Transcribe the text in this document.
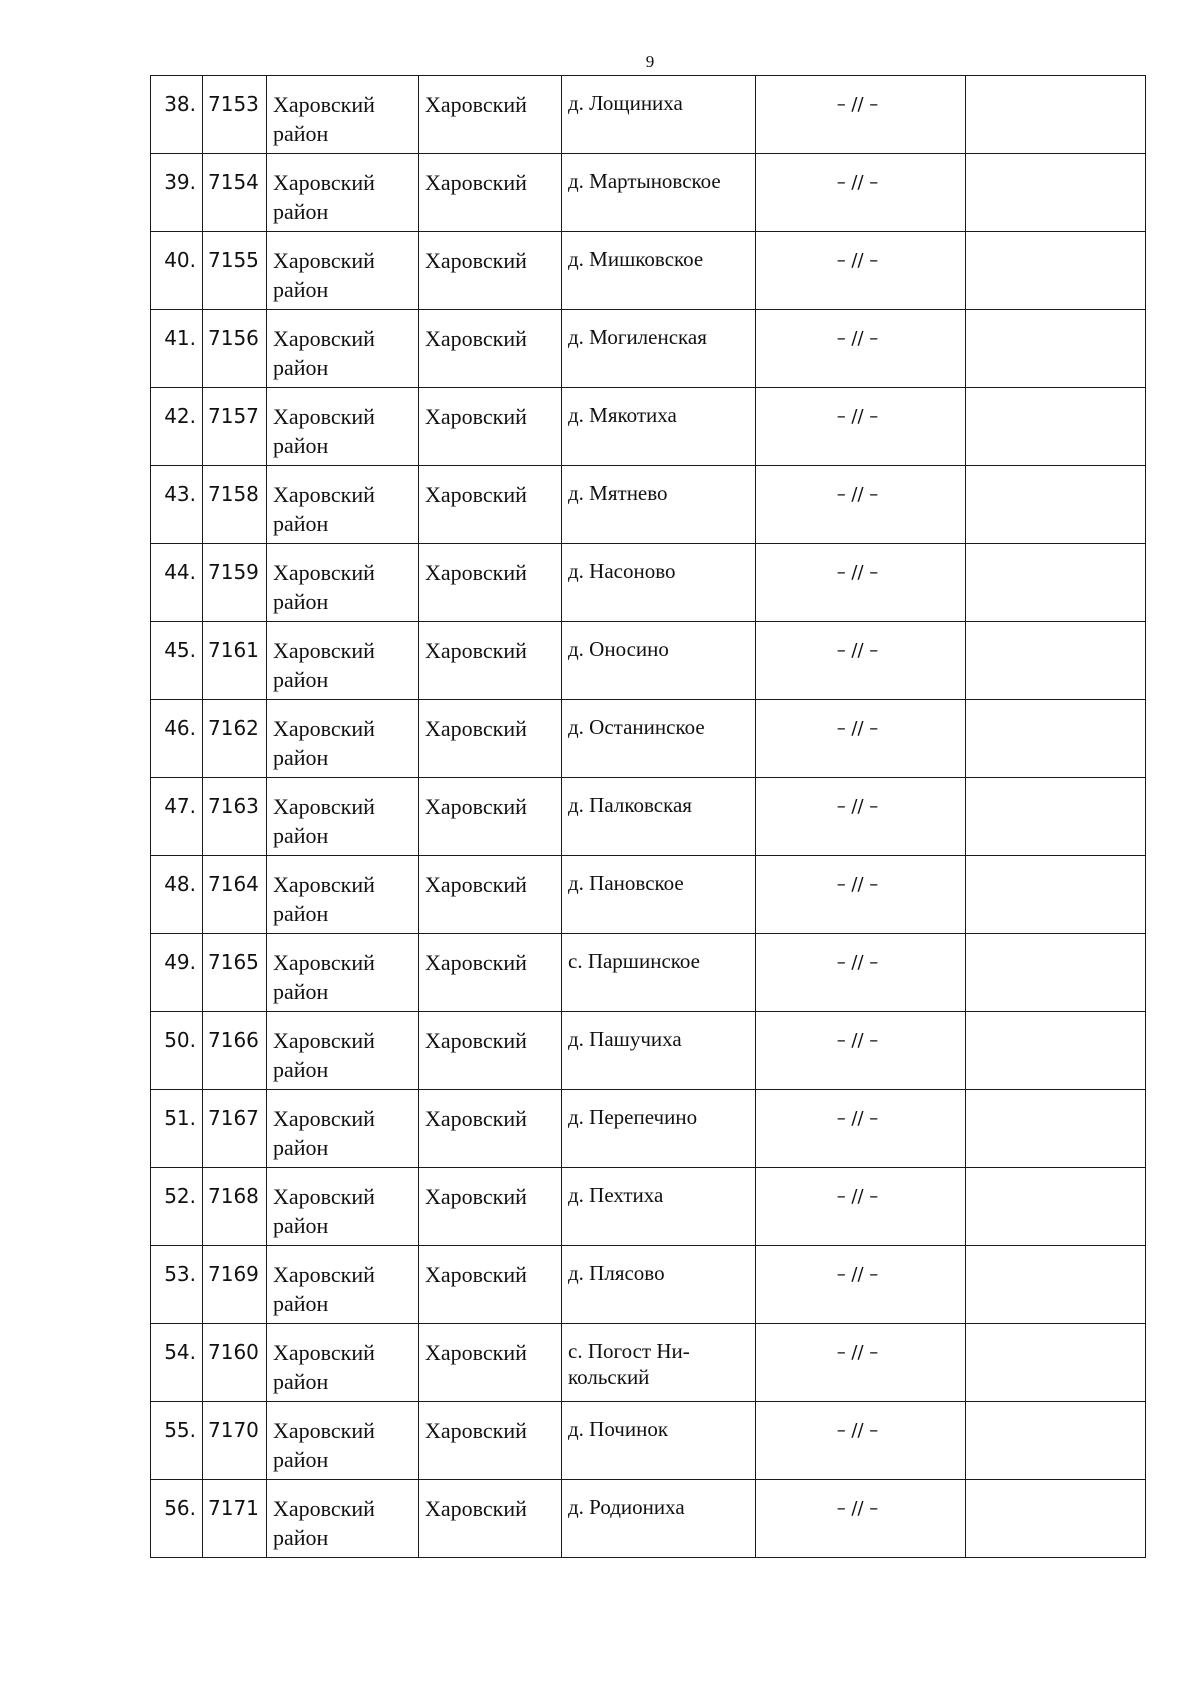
9
38.	7153	Харовский район	Харовский	д. Лощиниха	– // –	
39.	7154	Харовский район	Харовский	д. Мартыновское	– // –	
40.	7155	Харовский район	Харовский	д. Мишковское	– // –	
41.	7156	Харовский район	Харовский	д. Могиленская	– // –	
42.	7157	Харовский район	Харовский	д. Мякотиха	– // –	
43.	7158	Харовский район	Харовский	д. Мятнево	– // –	
44.	7159	Харовский район	Харовский	д. Насоново	– // –	
45.	7161	Харовский район	Харовский	д. Оносино	– // –	
46.	7162	Харовский район	Харовский	д. Останинское	– // –	
47.	7163	Харовский район	Харовский	д. Палковская	– // –	
48.	7164	Харовский район	Харовский	д. Пановское	– // –	
49.	7165	Харовский район	Харовский	с. Паршинское	– // –	
50.	7166	Харовский район	Харовский	д. Пашучиха	– // –	
51.	7167	Харовский район	Харовский	д. Перепечино	– // –	
52.	7168	Харовский район	Харовский	д. Пехтиха	– // –	
53.	7169	Харовский район	Харовский	д. Плясово	– // –	
54.	7160	Харовский район	Харовский	с. Погост Ни-кольский	– // –	
55.	7170	Харовский район	Харовский	д. Починок	– // –	
56.	7171	Харовский район	Харовский	д. Родиониха	– // –	
